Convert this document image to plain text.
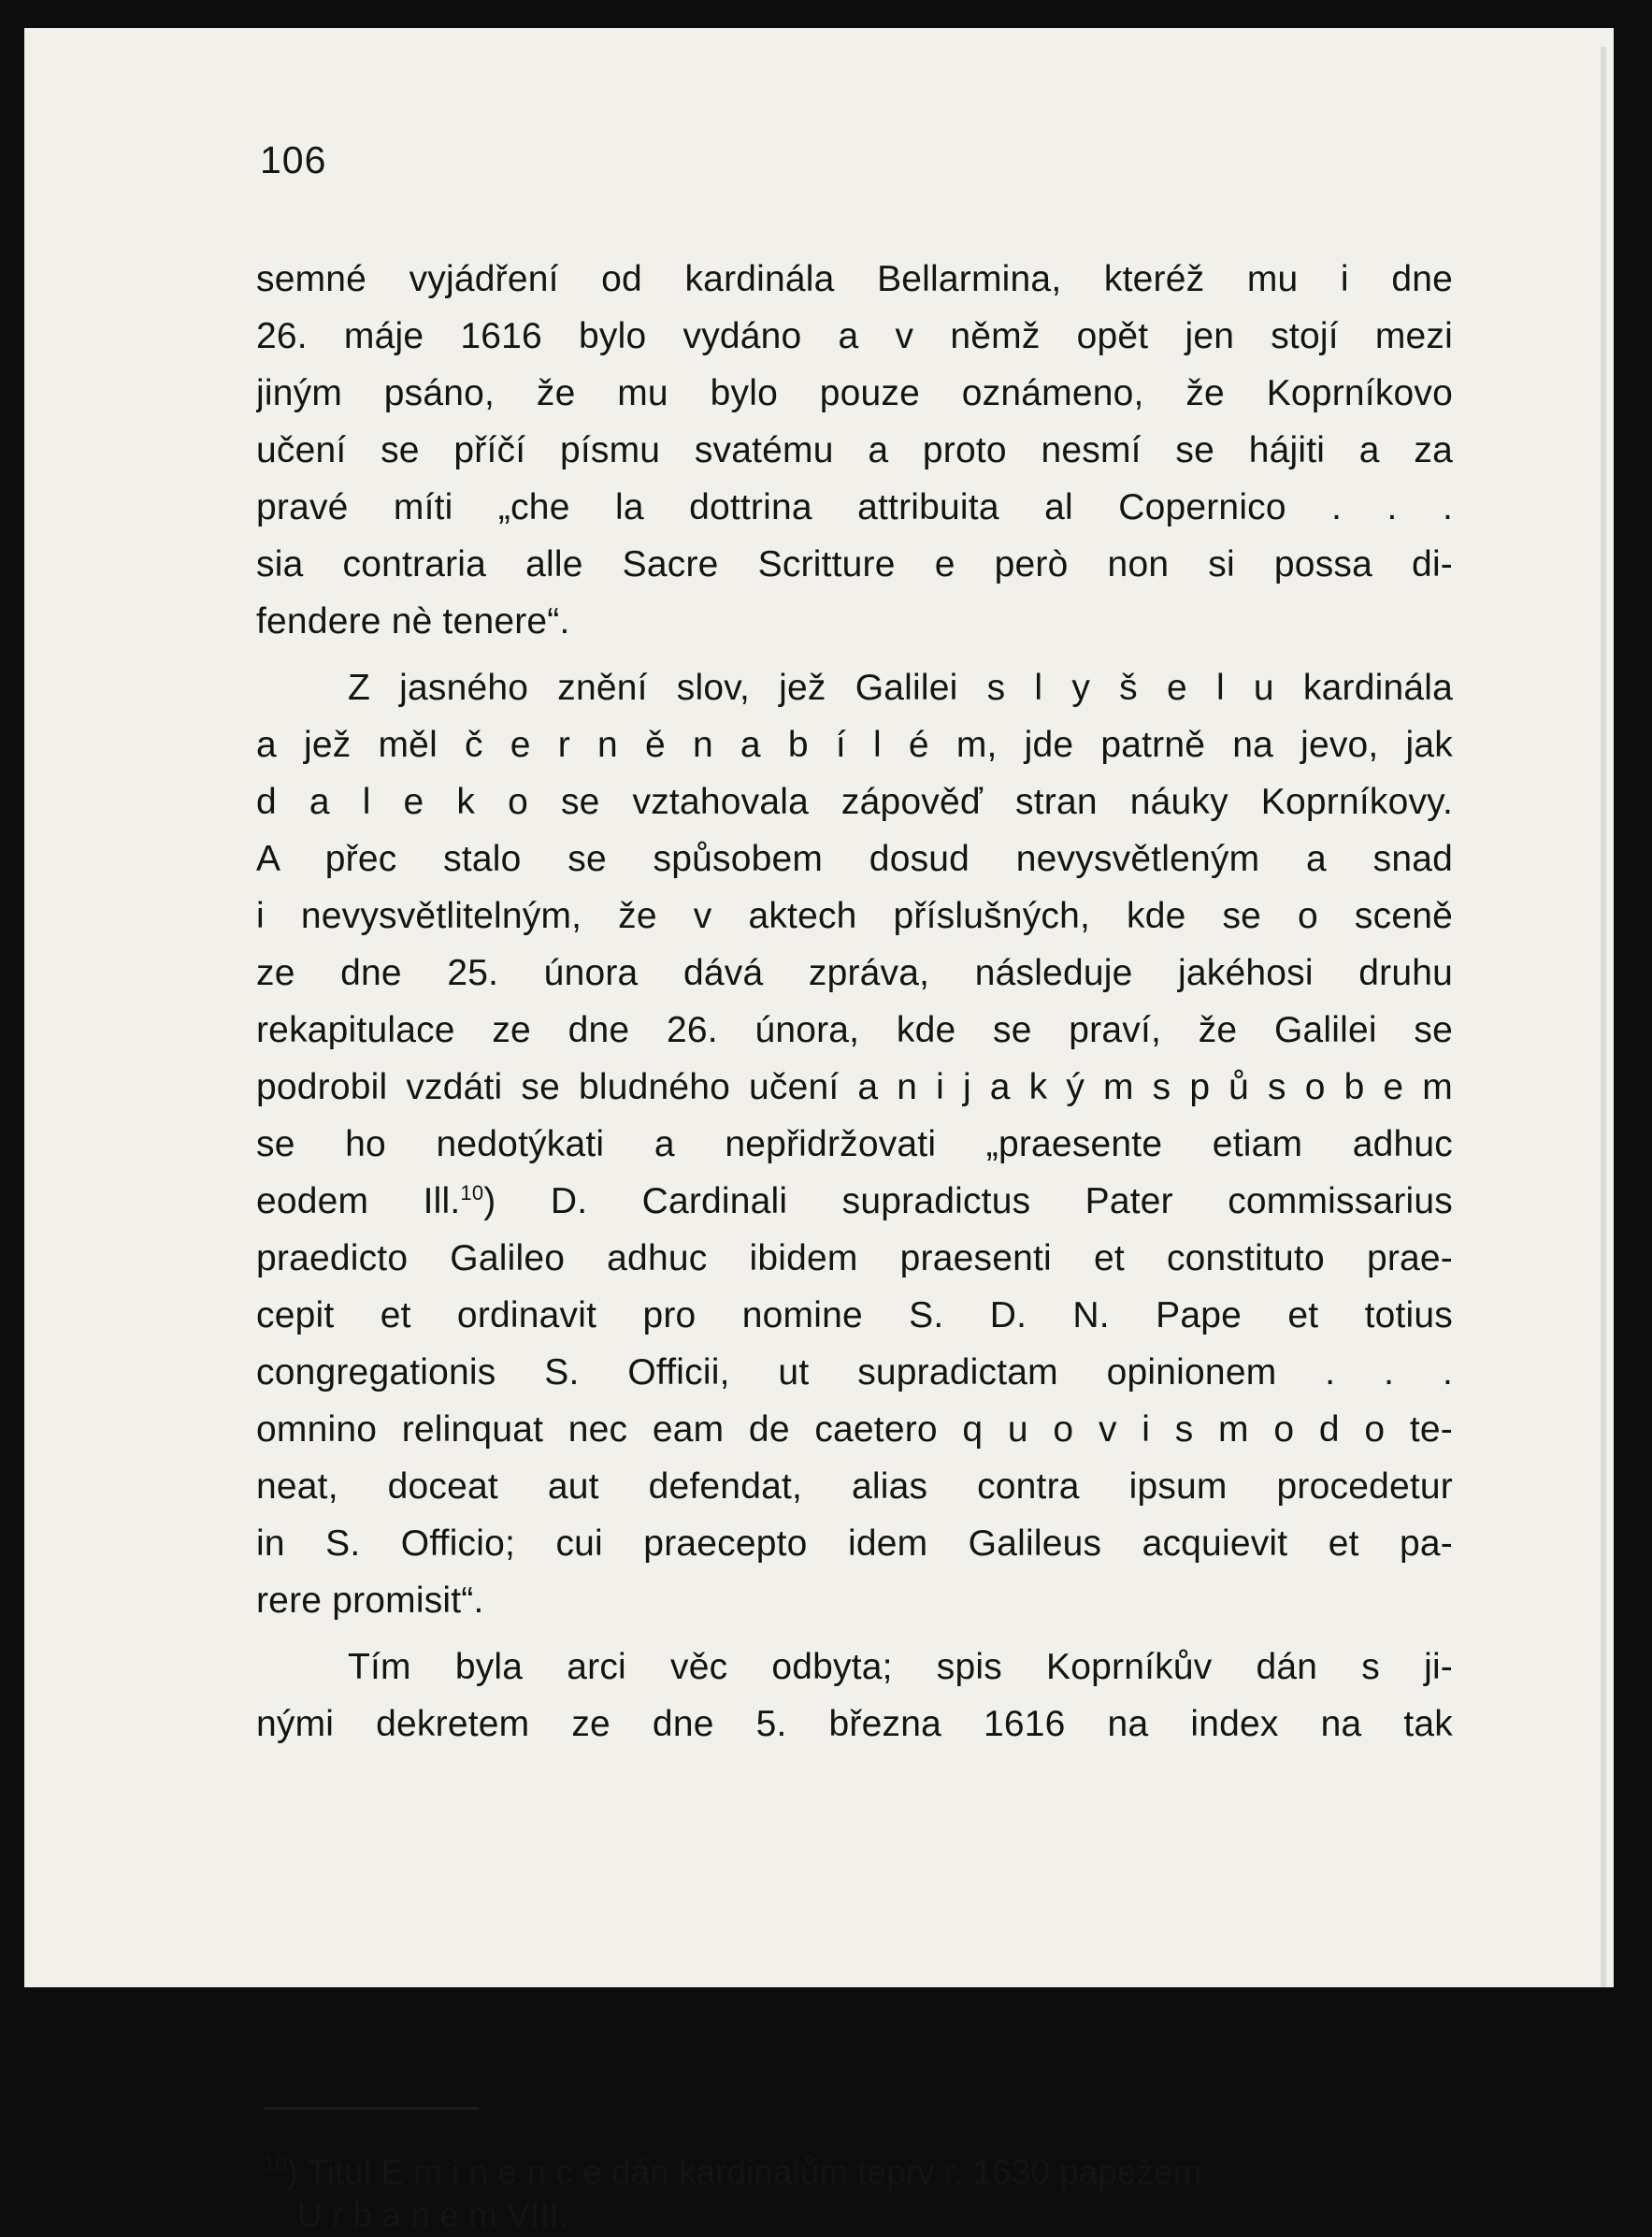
106
semné vyjádření od kardinála Bellarmina, kteréž mu i dne
26. máje 1616 bylo vydáno a v němž opět jen stojí mezi
jiným psáno, že mu bylo pouze oznámeno, že Koprníkovo
učení se příčí písmu svatému a proto nesmí se hájiti a za
pravé míti „che la dottrina attribuita al Copernico . . .
sia contraria alle Sacre Scritture e però non si possa di-
fendere nè tenere“.
Z jasného znění slov, jež Galilei s l y š e l u kardinála
a jež měl č e r n ě n a b í l é m, jde patrně na jevo, jak
d a l e k o se vztahovala zápověď stran náuky Koprníkovy.
A přec stalo se spůsobem dosud nevysvětleným a snad
i nevysvětlitelným, že v aktech příslušných, kde se o sceně
ze dne 25. února dává zpráva, následuje jakéhosi druhu
rekapitulace ze dne 26. února, kde se praví, že Galilei se
podrobil vzdáti se bludného učení a n i j a k ý m s p ů s o b e m
se ho nedotýkati a nepřidržovati „praesente etiam adhuc
eodem Ill.$^{10}$) D. Cardinali supradictus Pater commissarius
praedicto Galileo adhuc ibidem praesenti et constituto prae-
cepit et ordinavit pro nomine S. D. N. Pape et totius
congregationis S. Officii, ut supradictam opinionem . . .
omnino relinquat nec eam de caetero q u o v i s m o d o te-
neat, doceat aut defendat, alias contra ipsum procedetur
in S. Officio; cui praecepto idem Galileus acquievit et pa-
rere promisit“.
Tím byla arci věc odbyta; spis Koprníkův dán s ji-
nými dekretem ze dne 5. března 1616 na index na tak
$^{10}$) Titul E m i n e n c e dán kardinálům teprv r. 1630 papežem
U r b a n e m VIII.
